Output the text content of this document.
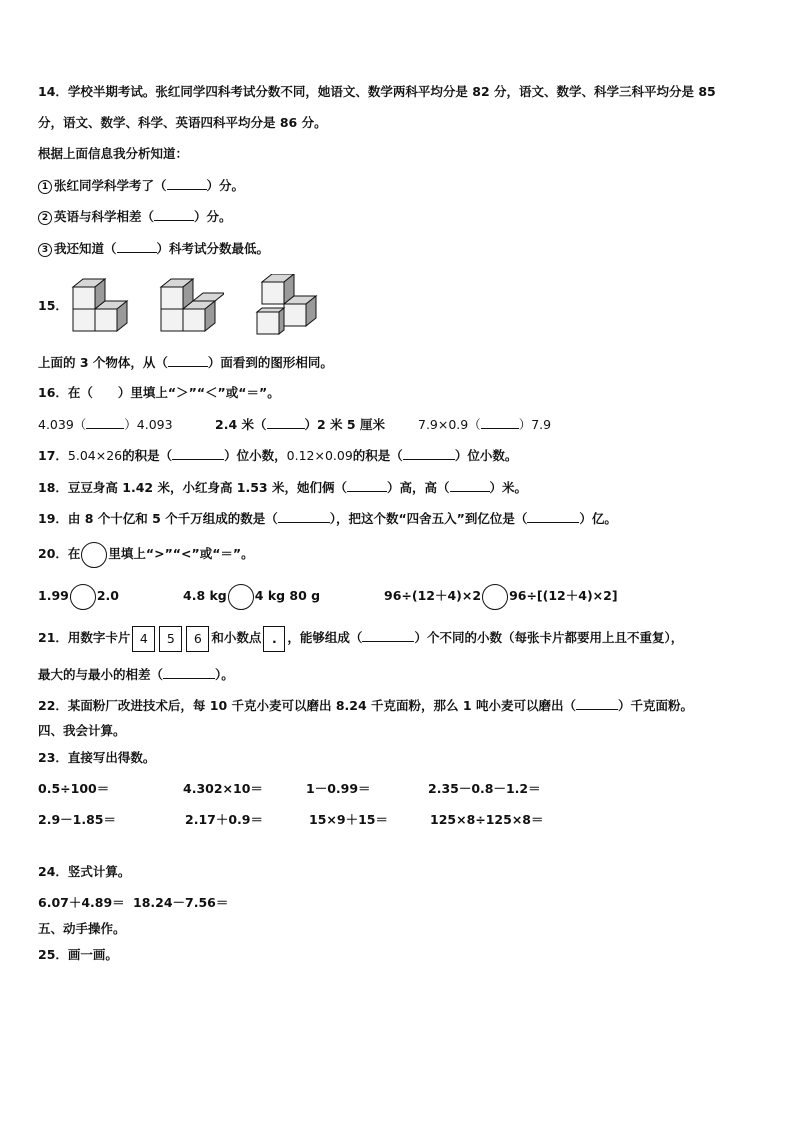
14．学校半期考试。张红同学四科考试分数不同，她语文、数学两科平均分是 82 分，语文、数学、科学三科平均分是 85
分，语文、数学、科学、英语四科平均分是 86 分。
根据上面信息我分析知道：
1 张红同学科学考了（	）分。
2 英语与科学相差（	）分。
3 我还知道（	）科考试分数最低。
15．
上面的 3 个物体，从（	）面看到的图形相同。
16．在（　　）里填上“＞”“＜”或“＝”。
4.039（	）4.093	2.4 米（	）2 米 5 厘米	7.9×0.9（	）7.9
17．5.04×26的积是（	）位小数，0.12×0.09的积是（	）位小数。
18．豆豆身高 1.42 米，小红身高 1.53 米，她们俩（	）高，高（	）米。
19．由 8 个十亿和 5 个千万组成的数是（	），把这个数“四舍五入”到亿位是（	）亿。
20．在 里填上“>”“<”或“＝”。
1.99 2.0	4.8 kg 4 kg 80 g	96÷(12＋4)×2 96÷[(12＋4)×2]
21．用数字卡片 4 5 6 和小数点 . ，能够组成（	）个不同的小数（每张卡片都要用上且不重复），
最大的与最小的相差（	）。
22．某面粉厂改进技术后，每 10 千克小麦可以磨出 8.24 千克面粉，那么 1 吨小麦可以磨出（	）千克面粉。
四、我会计算。
23．直接写出得数。
0.5÷100＝	4.302×10＝	1－0.99＝	2.35－0.8－1.2＝
2.9－1.85＝	2.17＋0.9＝	15×9＋15＝	125×8÷125×8＝
24．竖式计算。
6.07＋4.89＝ 18.24－7.56＝
五、动手操作。
25．画一画。
